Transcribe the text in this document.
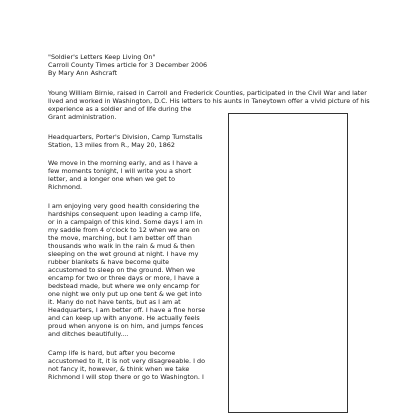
"Soldier's Letters Keep Living On"
Carroll County Times article for 3 December 2006
By Mary Ann Ashcraft
Young William Birnie, raised in Carroll and Frederick Counties, participated in the Civil War and later
lived and worked in Washington, D.C. His letters to his aunts in Taneytown offer a vivid picture of his
experience as a soldier and of life during the
Grant administration.
Headquarters, Porter's Division, Camp Turnstalls
Station, 13 miles from R., May 20, 1862
We move in the morning early, and as I have a
few moments tonight, I will write you a short
letter, and a longer one when we get to
Richmond.
I am enjoying very good health considering the
hardships consequent upon leading a camp life,
or in a campaign of this kind. Some days I am in
my saddle from 4 o'clock to 12 when we are on
the move, marching, but I am better off than
thousands who walk in the rain & mud & then
sleeping on the wet ground at night. I have my
rubber blankets & have become quite
accustomed to sleep on the ground. When we
encamp for two or three days or more, I have a
bedstead made, but where we only encamp for
one night we only put up one tent & we get into
it. Many do not have tents, but as I am at
Headquarters, I am better off. I have a fine horse
and can keep up with anyone. He actually feels
proud when anyone is on him, and jumps fences
and ditches beautifully....
Camp life is hard, but after you become
accustomed to it, it is not very disagreeable. I do
not fancy it, however, & think when we take
Richmond I will stop there or go to Washington. I
